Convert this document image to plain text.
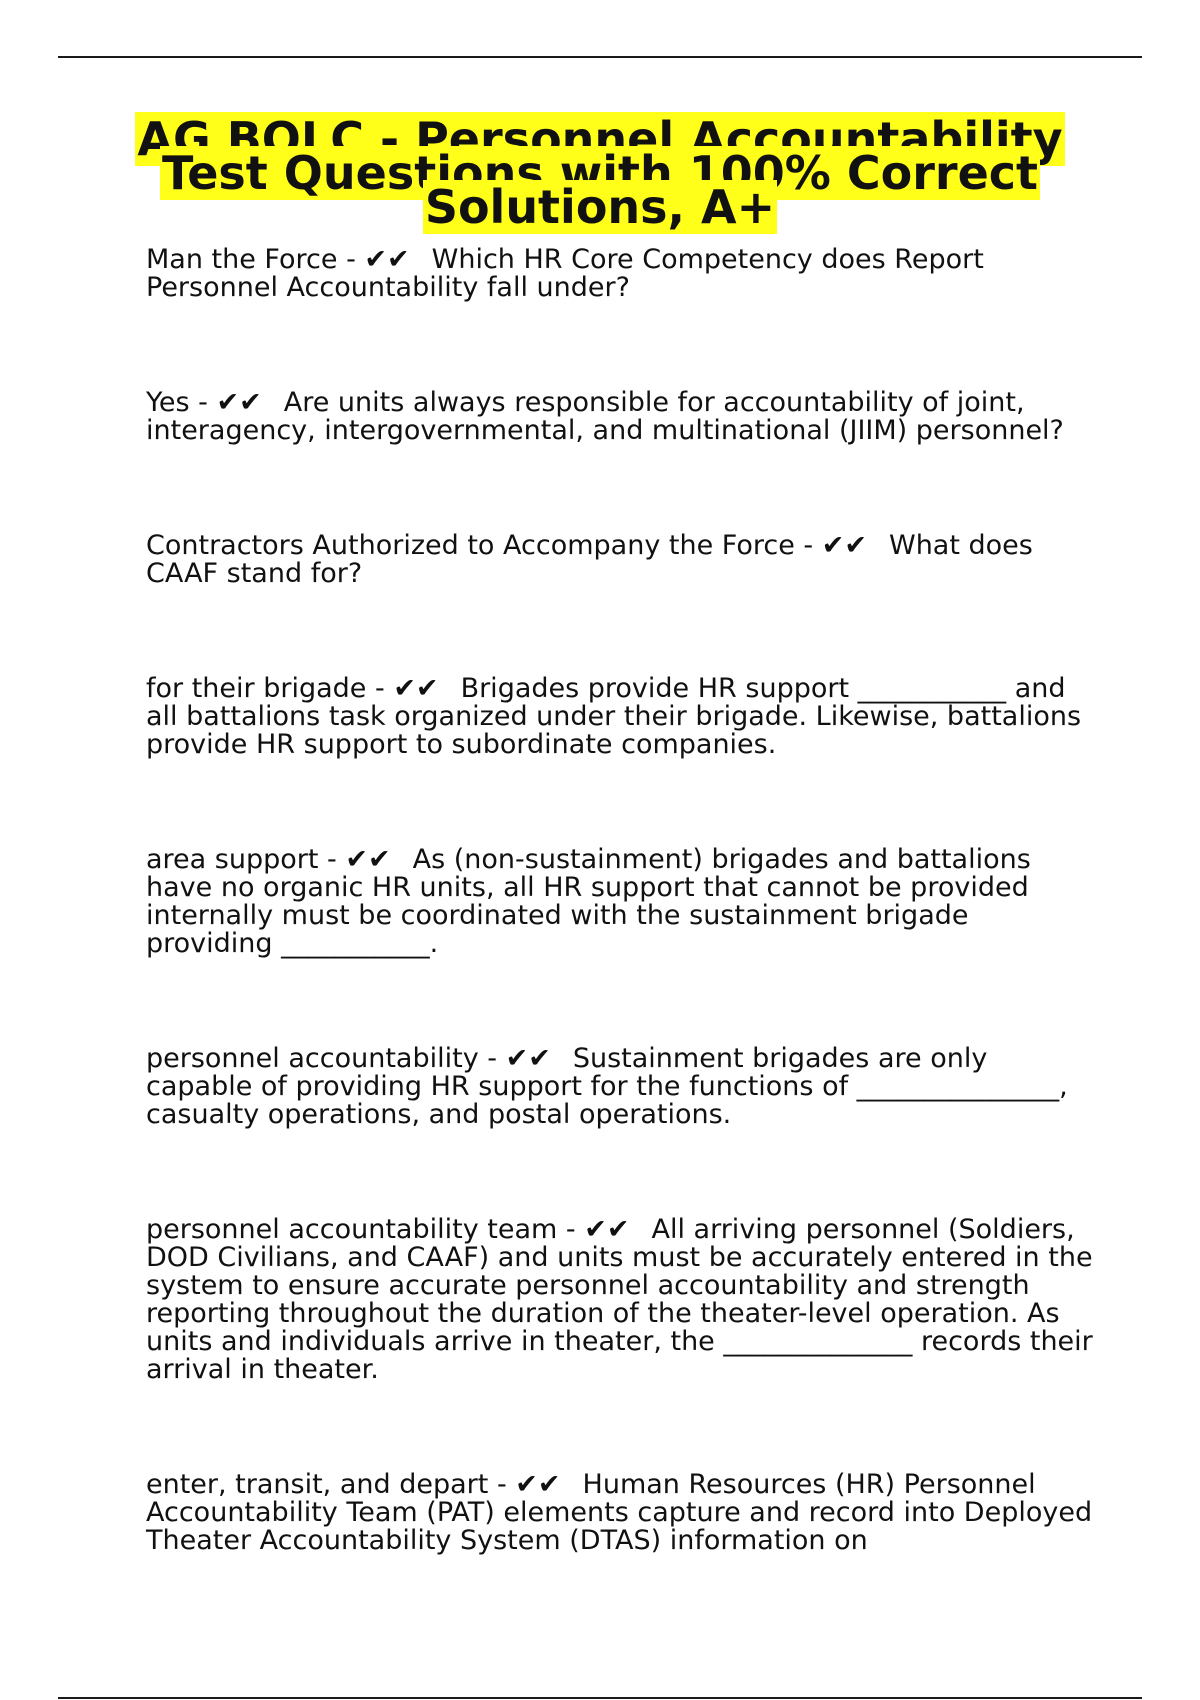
AG BOLC - Personnel Accountability Test Questions with 100% Correct Solutions, A+
Man the Force - ✔✔ Which HR Core Competency does Report Personnel Accountability fall under?
Yes - ✔✔ Are units always responsible for accountability of joint, interagency, intergovernmental, and multinational (JIIM) personnel?
Contractors Authorized to Accompany the Force - ✔✔ What does CAAF stand for?
for their brigade - ✔✔ Brigades provide HR support ___________ and all battalions task organized under their brigade. Likewise, battalions provide HR support to subordinate companies.
area support - ✔✔ As (non-sustainment) brigades and battalions have no organic HR units, all HR support that cannot be provided internally must be coordinated with the sustainment brigade providing ___________.
personnel accountability - ✔✔ Sustainment brigades are only capable of providing HR support for the functions of _______________, casualty operations, and postal operations.
personnel accountability team - ✔✔ All arriving personnel (Soldiers, DOD Civilians, and CAAF) and units must be accurately entered in the system to ensure accurate personnel accountability and strength reporting throughout the duration of the theater-level operation. As units and individuals arrive in theater, the ______________ records their arrival in theater.
enter, transit, and depart - ✔✔ Human Resources (HR) Personnel Accountability Team (PAT) elements capture and record into Deployed Theater Accountability System (DTAS) information on
